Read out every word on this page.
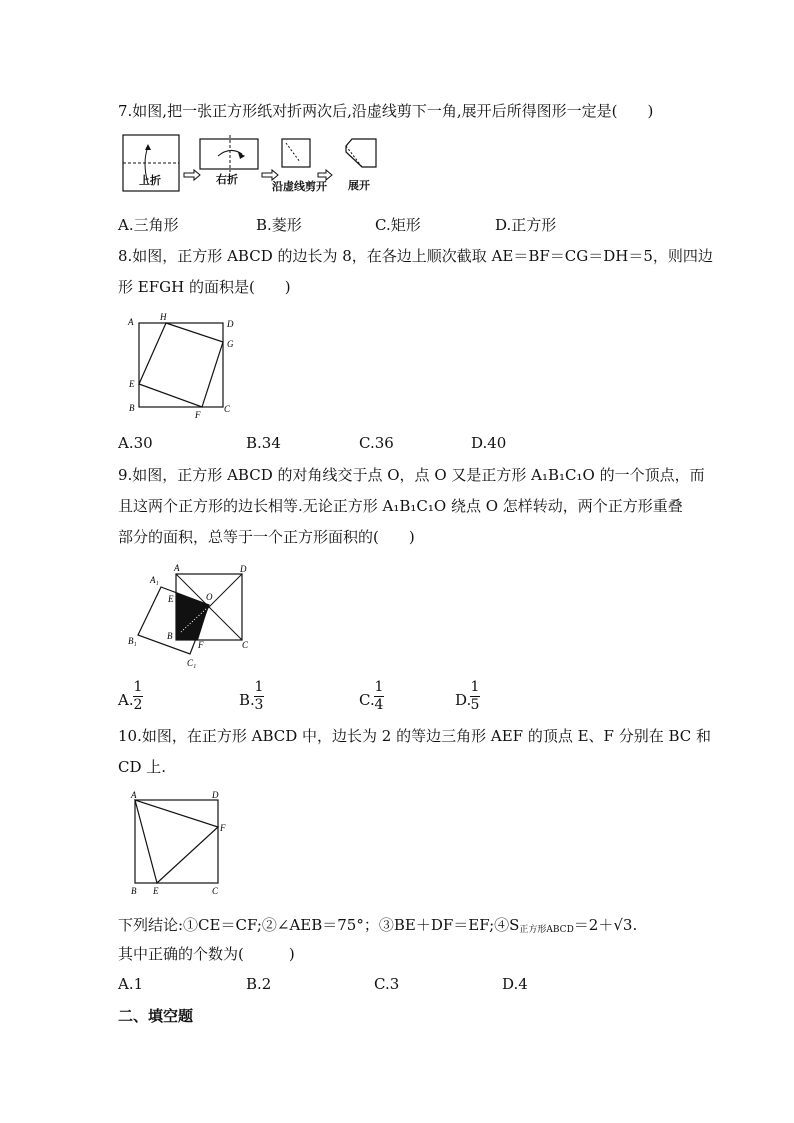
7.如图,把一张正方形纸对折两次后,沿虚线剪下一角,展开后所得图形一定是(　　)
上折	右折
沿虚线剪开 展开
A.三角形	B.菱形	C.矩形	D.正方形
8.如图，正方形 ABCD 的边长为 8，在各边上顺次截取 AE＝BF＝CG＝DH＝5，则四边
形 EFGH 的面积是(　　)
A	H
D
G
E
B
F
C
A.30	B.34	C.36	D.40
9.如图，正方形 ABCD 的对角线交于点 O，点 O 又是正方形 A₁B₁C₁O 的一个顶点，而
且这两个正方形的边长相等.无论正方形 A₁B₁C₁O 绕点 O 怎样转动，两个正方形重叠
部分的面积，总等于一个正方形面积的(　　)
A₁
A	D
E	O
B
F	C
B₁
C₁
A.
1
2	B.
1
3	C.
1
4	D.
1
5
10.如图，在正方形 ABCD 中，边长为 2 的等边三角形 AEF 的顶点 E、F 分别在 BC 和
CD 上.
A	D
F
B E	C
下列结论:①CE＝CF;②∠AEB＝75°；$③BE+DF=EF;④S_{正方形ABCD}=2+√3$.
其中正确的个数为(　　　)
A.1	B.2	C.3	D.4
二、填空题
